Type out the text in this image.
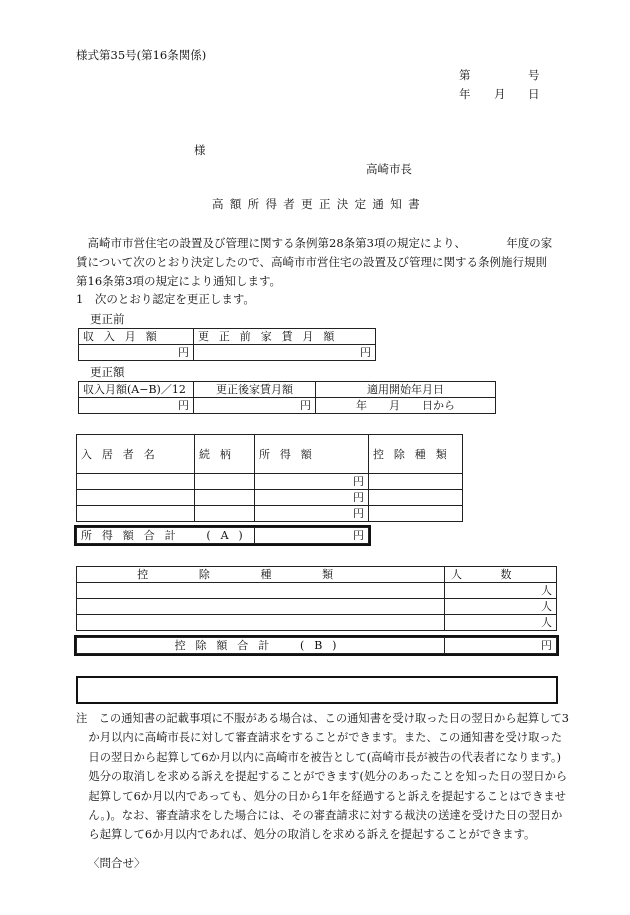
様式第35号(第16条関係)
第	号
年 月 日
様
高崎市長
高額所得者更正決定通知書
高崎市市営住宅の設置及び管理に関する条例第28条第3項の規定により、　　　　年度の家賃について次のとおり決定したので、高崎市市営住宅の設置及び管理に関する条例施行規則第16条第3項の規定により通知します。
1　次のとおり認定を更正します。
更正前
収入月額	更正前家賃月額
円	円
更正額
収入月額(A−B)／12	更正後家賃月額	適用開始年月日
円	円	年　　月　　日から
入居者名	続柄	所得額	控除種類
		円	
		円	
		円	
所得額合計　(A)	円
控除種類	人数
	人
	人
	人
控除額合計　(B)	円
注　この通知書の記載事項に不服がある場合は、この通知書を受け取った日の翌日から起算して3か月以内に高崎市長に対して審査請求をすることができます。また、この通知書を受け取った日の翌日から起算して6か月以内に高崎市を被告として(高崎市長が被告の代表者になります。)処分の取消しを求める訴えを提起することができます(処分のあったことを知った日の翌日から起算して6か月以内であっても、処分の日から1年を経過すると訴えを提起することはできません。)。なお、審査請求をした場合には、その審査請求に対する裁決の送達を受けた日の翌日から起算して6か月以内であれば、処分の取消しを求める訴えを提起することができます。
〈問合せ〉
